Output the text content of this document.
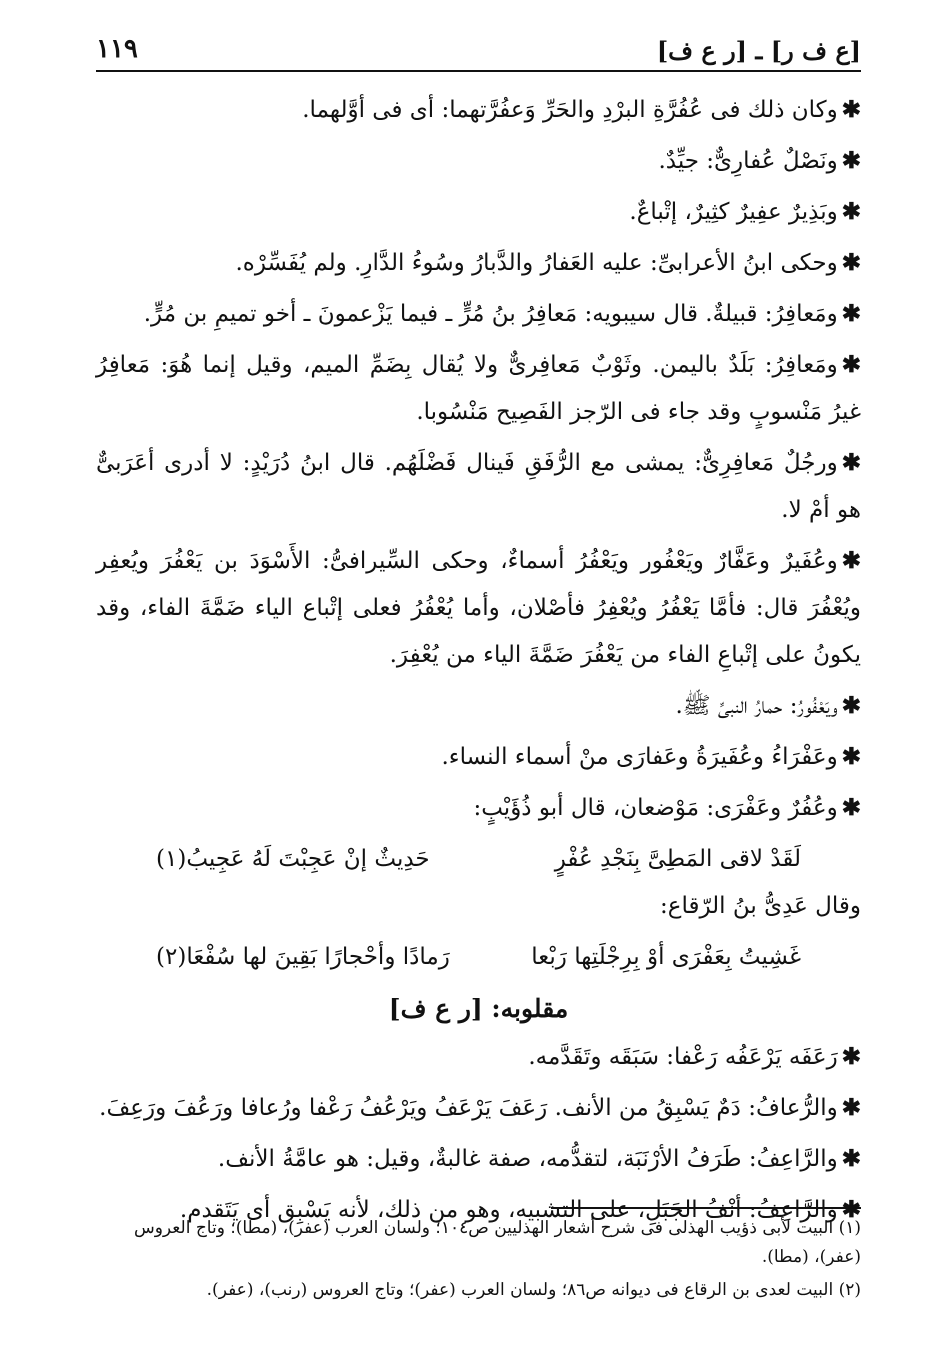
[ع ف ر] ـ [ر ع ف]
١١٩

✱وكان ذلك فى عُفُرَّةِ البرْدِ والحَرِّ وَعفُرَّتهما: أى فى أوَّلهما.

✱ونَصْلٌ عُفارِىٌّ: جيِّدٌ.

✱وبَذِيرٌ عفِيرٌ كثِيرٌ، إتْباعٌ.

✱وحكى ابنُ الأعرابىِّ: عليه العَفارُ والدَّبارُ وسُوءُ الدَّارِ. ولم يُفَسِّرْه.

✱ومَعافِرُ: قبيلةٌ. قال سيبويه: مَعافِرُ بنُ مُرٍّ ـ فيما يَزْعمونَ ـ أخو تميمِ بن مُرٍّ.

✱ومَعافِرُ: بَلَدٌ باليمن. وثَوْبٌ مَعافِرىٌّ ولا يُقال بِضَمِّ الميم، وقيل إنما هُوَ: مَعافِرُ غيرُ مَنْسوبٍ وقد جاء فى الرّجز الفَصِيح مَنْسُوبا.

✱ورجُلٌ مَعافِرِىٌّ: يمشى مع الرُّفَقِ فَينال فَضْلَهُم. قال ابنُ دُرَيْدٍ: لا أدرى أعَرَبىٌّ هو أمْ لا.

✱وعُفَيرٌ وعَفَّارٌ ويَعْفُور ويَعْفُرُ أسماءٌ، وحكى السِّيرافىُّ: الأَسْوَدَ بن يَعْفُرَ ويُعفِر ويُعْفُرَ قال: فأمَّا يَعْفُرُ ويُعْفِرُ فأصْلان، وأما يُعْفُرُ فعلى إتْباع الياء ضَمَّةَ الفاء، وقد يكونُ على إتْباعِ الفاء من يَعْفُرَ ضَمَّةَ الياء من يُعْفِرَ.

✱ويَعْفُورُ: حمارُ النبىِّ ﷺ.

✱وعَفْرَاءُ وعُفَيرَةُ وعَفارَى منْ أسماء النساء.

✱وعُفُرٌ وعَفْرَى: مَوْضعان، قال أبو ذُؤَيْبٍ:

لَقَدْ لاقى المَطِىَّ بِنَجْدِ عُفْرٍ
حَدِيثٌ إنْ عَجِبْتَ لَهُ عَجِيبُ(١)

وقال عَدِىُّ بنُ الرّقاع:

غَشِيتُ بِعَفْرَى أوْ بِرِجْلَتِها رَبْعا
رَمادًا وأحْجارًا بَقِينَ لها سُفْعَا(٢)
مقلوبه: [ر ع ف]

✱رَعَفَه يَرْعَفُه رَعْفا: سَبَقَه وتَقَدَّمه.

✱والرُّعافُ: دَمٌ يَسْبِقُ من الأنف. رَعَفَ يَرْعَفُ ويَرْعُفُ رَعْفا ورُعافا ورَعُفَ ورَعِفَ.

✱والرَّاعِفُ: طَرَفُ الأرْنَبَة، لتقدُّمه، صفة غالبةٌ، وقيل: هو عامَّةُ الأنف.

✱والرَّاعِفُ: أنْفُ الجَبَلِ، على التشبيه، وهو من ذلك، لأنه يَسْبِق أى يَتَقدم.

(١) البيت لأبى ذؤيب الهذلى فى شرح أشعار الهذليين ص١٠٤؛ ولسان العرب (عفر)، (مطا)؛ وتاج العروس (عفر)، (مطا).

(٢) البيت لعدى بن الرقاع فى ديوانه ص٨٦؛ ولسان العرب (عفر)؛ وتاج العروس (رنب)، (عفر).
